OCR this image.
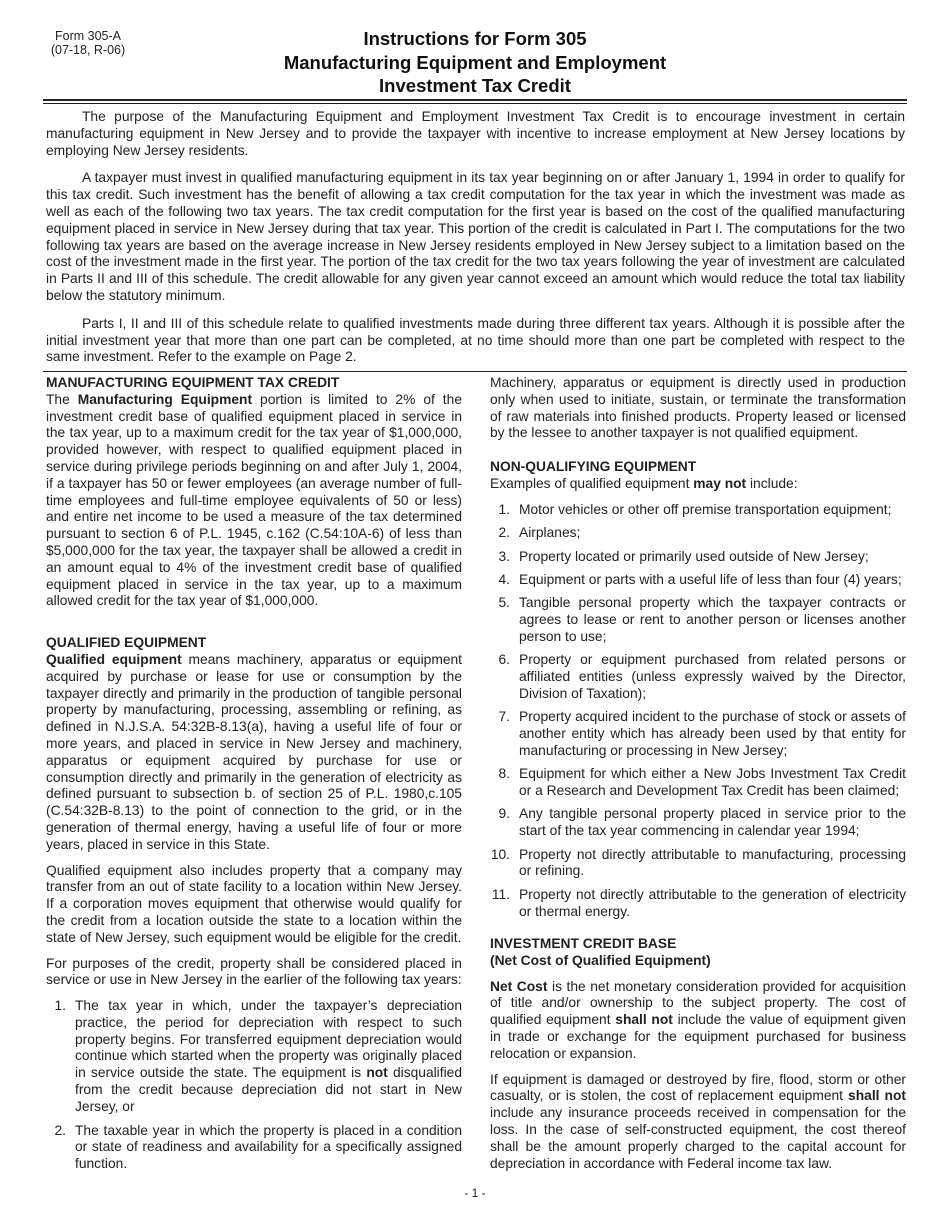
Form 305-A
(07-18, R-06)
Instructions for Form 305
Manufacturing Equipment and Employment
Investment Tax Credit

The purpose of the Manufacturing Equipment and Employment Investment Tax Credit is to encourage investment in certain manufacturing equipment in New Jersey and to provide the taxpayer with incentive to increase employment at New Jersey locations by employing New Jersey residents.

A taxpayer must invest in qualified manufacturing equipment in its tax year beginning on or after January 1, 1994 in order to qualify for this tax credit. Such investment has the benefit of allowing a tax credit computation for the tax year in which the investment was made as well as each of the following two tax years. The tax credit computation for the first year is based on the cost of the qualified manufacturing equipment placed in service in New Jersey during that tax year. This portion of the credit is calculated in Part I. The computations for the two following tax years are based on the average increase in New Jersey residents employed in New Jersey subject to a limitation based on the cost of the investment made in the first year. The portion of the tax credit for the two tax years following the year of investment are calculated in Parts II and III of this schedule. The credit allowable for any given year cannot exceed an amount which would reduce the total tax liability below the statutory minimum.

Parts I, II and III of this schedule relate to qualified investments made during three different tax years. Although it is possible after the initial investment year that more than one part can be completed, at no time should more than one part be completed with respect to the same investment. Refer to the example on Page 2.

MANUFACTURING EQUIPMENT TAX CREDIT

The Manufacturing Equipment portion is limited to 2% of the investment credit base of qualified equipment placed in service in the tax year, up to a maximum credit for the tax year of $1,000,000, provided however, with respect to qualified equipment placed in service during privilege periods beginning on and after July 1, 2004, if a taxpayer has 50 or fewer employees (an average number of full-time employees and full-time employee equivalents of 50 or less) and entire net income to be used a measure of the tax determined pursuant to section 6 of P.L. 1945, c.162 (C.54:10A-6) of less than $5,000,000 for the tax year, the taxpayer shall be allowed a credit in an amount equal to 4% of the investment credit base of qualified equipment placed in service in the tax year, up to a maximum allowed credit for the tax year of $1,000,000.

QUALIFIED EQUIPMENT

Qualified equipment means machinery, apparatus or equipment acquired by purchase or lease for use or consumption by the taxpayer directly and primarily in the production of tangible personal property by manufacturing, processing, assembling or refining, as defined in N.J.S.A. 54:32B-8.13(a), having a useful life of four or more years, and placed in service in New Jersey and machinery, apparatus or equipment acquired by purchase for use or consumption directly and primarily in the generation of electricity as defined pursuant to subsection b. of section 25 of P.L. 1980,c.105 (C.54:32B-8.13) to the point of connection to the grid, or in the generation of thermal energy, having a useful life of four or more years, placed in service in this State.

Qualified equipment also includes property that a company may transfer from an out of state facility to a location within New Jersey. If a corporation moves equipment that otherwise would qualify for the credit from a location outside the state to a location within the state of New Jersey, such equipment would be eligible for the credit.

For purposes of the credit, property shall be considered placed in service or use in New Jersey in the earlier of the following tax years:

1. The tax year in which, under the taxpayer’s depreciation practice, the period for depreciation with respect to such property begins. For transferred equipment depreciation would continue which started when the property was originally placed in service outside the state. The equipment is not disqualified from the credit because depreciation did not start in New Jersey, or
2. The taxable year in which the property is placed in a condition or state of readiness and availability for a specifically assigned function.

Machinery, apparatus or equipment is directly used in production only when used to initiate, sustain, or terminate the transformation of raw materials into finished products. Property leased or licensed by the lessee to another taxpayer is not qualified equipment.

NON-QUALIFYING EQUIPMENT

Examples of qualified equipment may not include:

1. Motor vehicles or other off premise transportation equipment;
2. Airplanes;
3. Property located or primarily used outside of New Jersey;
4. Equipment or parts with a useful life of less than four (4) years;
5. Tangible personal property which the taxpayer contracts or agrees to lease or rent to another person or licenses another person to use;
6. Property or equipment purchased from related persons or affiliated entities (unless expressly waived by the Director, Division of Taxation);
7. Property acquired incident to the purchase of stock or assets of another entity which has already been used by that entity for manufacturing or processing in New Jersey;
8. Equipment for which either a New Jobs Investment Tax Credit or a Research and Development Tax Credit has been claimed;
9. Any tangible personal property placed in service prior to the start of the tax year commencing in calendar year 1994;
10. Property not directly attributable to manufacturing, processing or refining.
11. Property not directly attributable to the generation of electricity or thermal energy.
INVESTMENT CREDIT BASE
(Net Cost of Qualified Equipment)

Net Cost is the net monetary consideration provided for acquisition of title and/or ownership to the subject property. The cost of qualified equipment shall not include the value of equipment given in trade or exchange for the equipment purchased for business relocation or expansion.

If equipment is damaged or destroyed by fire, flood, storm or other casualty, or is stolen, the cost of replacement equipment shall not include any insurance proceeds received in compensation for the loss. In the case of self-constructed equipment, the cost thereof shall be the amount properly charged to the capital account for depreciation in accordance with Federal income tax law.

- 1 -
